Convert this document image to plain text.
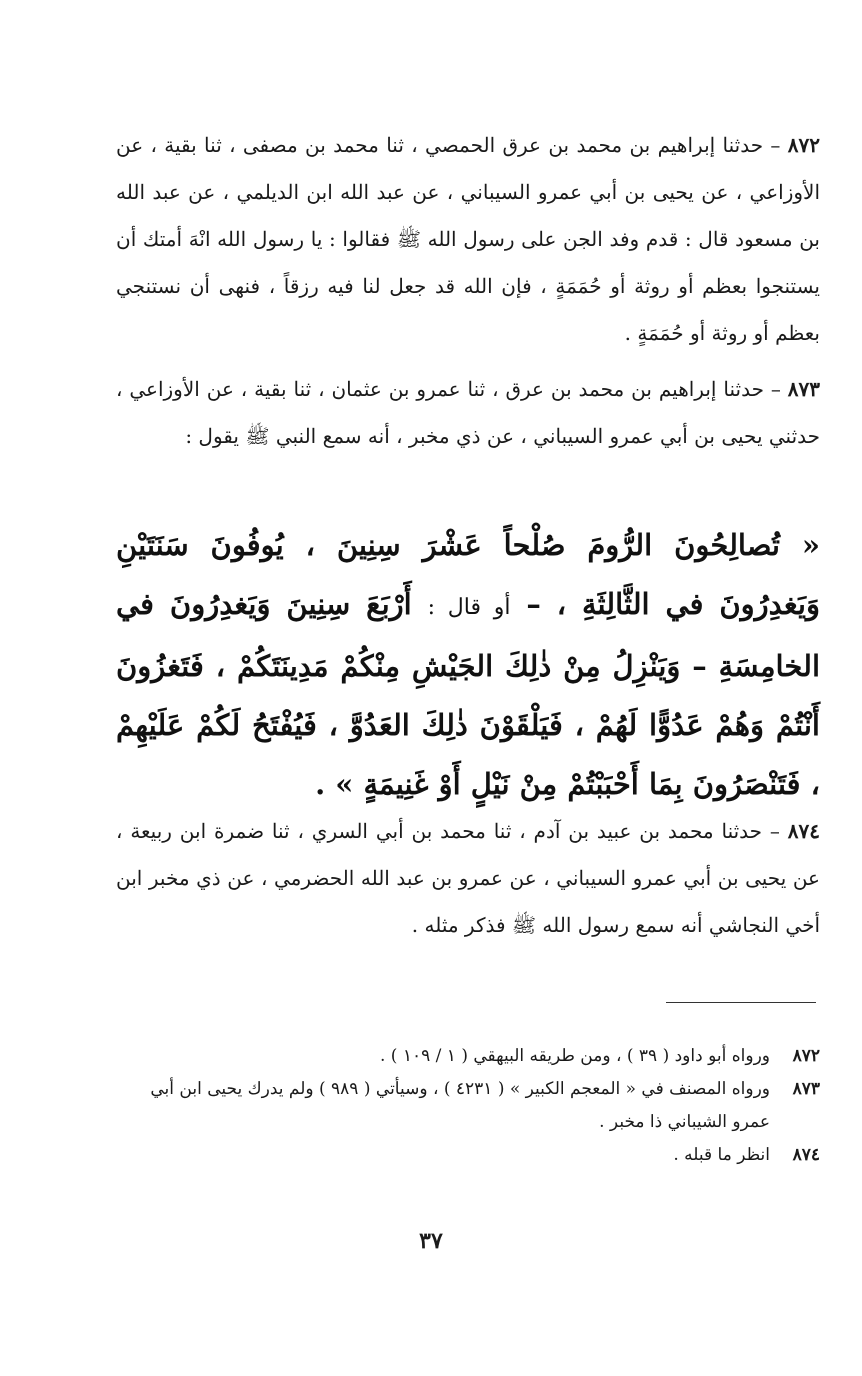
٨٧٢ – حدثنا إبراهيم بن محمد بن عرق الحمصي ، ثنا محمد بن مصفى ، ثنا بقية ، عن الأوزاعي ، عن يحيى بن أبي عمرو السيباني ، عن عبد الله ابن الديلمي ، عن عبد الله بن مسعود قال : قدم وفد الجن على رسول الله ﷺ فقالوا : يا رسول الله انْهَ أمتك أن يستنجوا بعظم أو روثة أو حُمَمَةٍ ، فإن الله قد جعل لنا فيه رزقاً ، فنهى أن نستنجي بعظم أو روثة أو حُمَمَةٍ .
٨٧٣ – حدثنا إبراهيم بن محمد بن عرق ، ثنا عمرو بن عثمان ، ثنا بقية ، عن الأوزاعي ، حدثني يحيى بن أبي عمرو السيباني ، عن ذي مخبر ، أنه سمع النبي ﷺ يقول :
« تُصالِحُونَ الرُّومَ صُلْحاً عَشْرَ سِنِينَ ، يُوفُونَ سَنَتَيْنِ وَيَغدِرُونَ في الثَّالِثَةِ ، – أو قال : أَرْبَعَ سِنِينَ وَيَغدِرُونَ في الخامِسَةِ – وَيَنْزِلُ مِنْ ذٰلِكَ الجَيْشِ مِنْكُمْ مَدِينَتَكُمْ ، فَتَغزُونَ أَنْتُمْ وَهُمْ عَدُوًّا لَهُمْ ، فَيَلْقَوْنَ ذٰلِكَ العَدُوَّ ، فَيُفْتَحُ لَكُمْ عَلَيْهِمْ ، فَتَنْصَرُونَ بِمَا أَحْبَبْتُمْ مِنْ نَيْلٍ أَوْ غَنِيمَةٍ » .
٨٧٤ – حدثنا محمد بن عبيد بن آدم ، ثنا محمد بن أبي السري ، ثنا ضمرة ابن ربيعة ، عن يحيى بن أبي عمرو السيباني ، عن عمرو بن عبد الله الحضرمي ، عن ذي مخبر ابن أخي النجاشي أنه سمع رسول الله ﷺ فذكر مثله .
٨٧٢
ورواه أبو داود ( ٣٩ ) ، ومن طريقه البيهقي ( ١ / ١٠٩ ) .
٨٧٣
ورواه المصنف في « المعجم الكبير » ( ٤٢٣١ ) ، وسيأتي ( ٩٨٩ ) ولم يدرك يحيى ابن أبي عمرو الشيباني ذا مخبر .
٨٧٤
انظر ما قبله .
٣٧
